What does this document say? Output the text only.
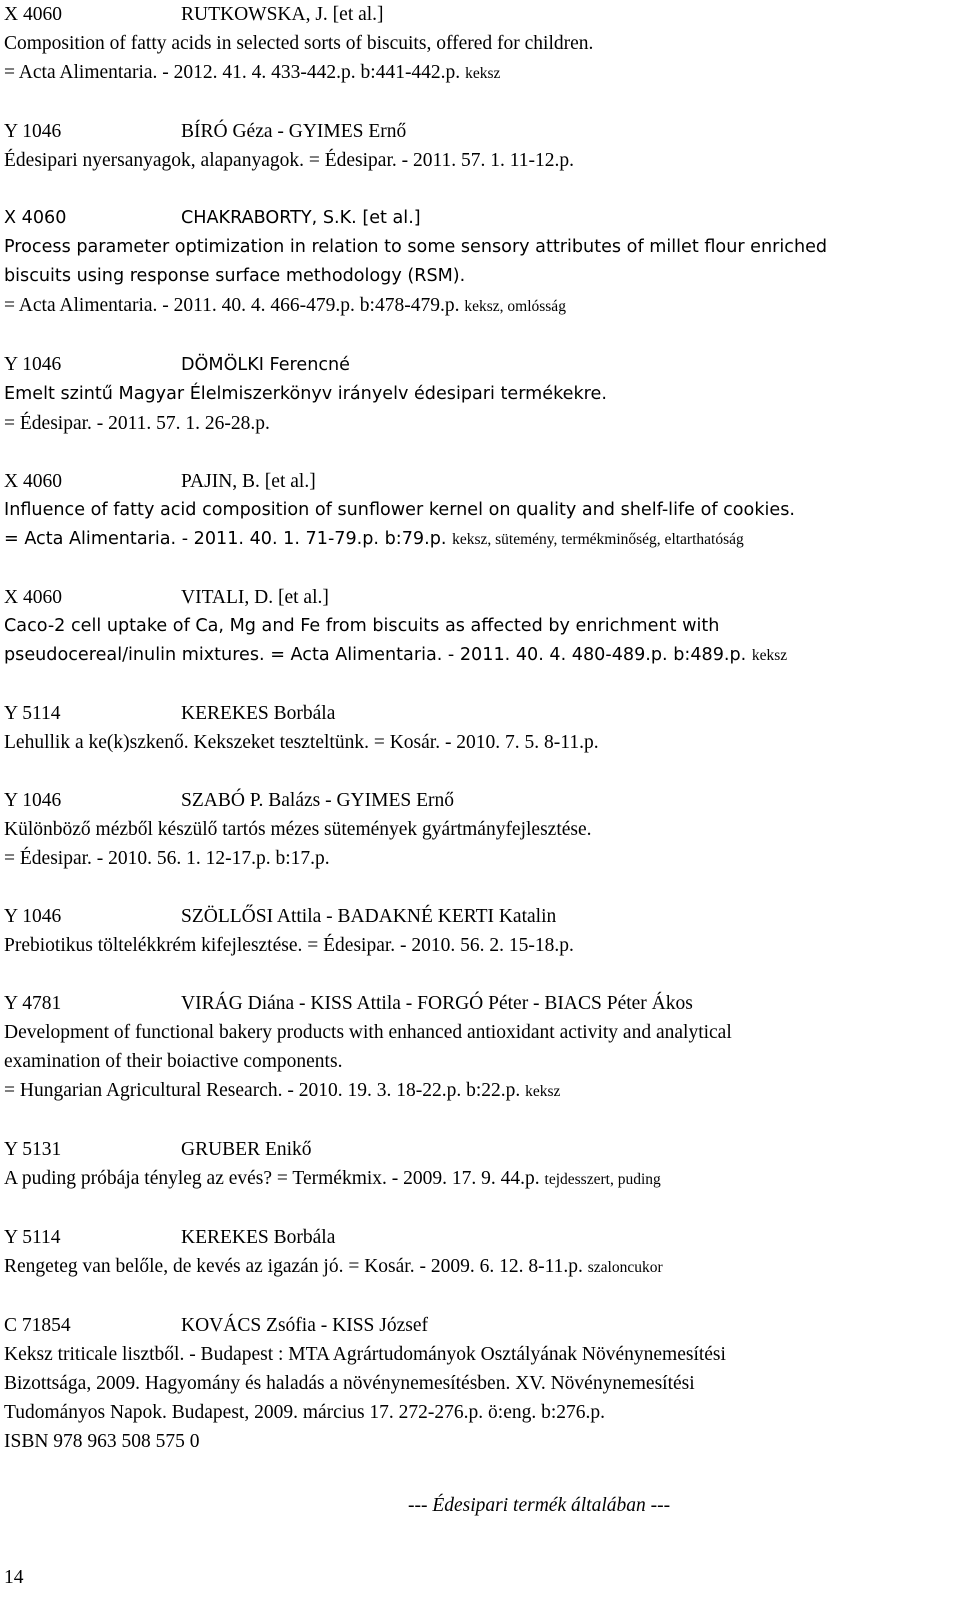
X 4060	RUTKOWSKA, J. [et al.]
Composition of fatty acids in selected sorts of biscuits, offered for children.
= Acta Alimentaria. - 2012. 41. 4. 433-442.p. b:441-442.p. keksz
Y 1046	BÍRÓ Géza - GYIMES Ernő
Édesipari nyersanyagok, alapanyagok. = Édesipar. - 2011. 57. 1. 11-12.p.
X 4060	CHAKRABORTY, S.K. [et al.]
Process parameter optimization in relation to some sensory attributes of millet flour enriched
biscuits using response surface methodology (RSM).
= Acta Alimentaria. - 2011. 40. 4. 466-479.p. b:478-479.p. keksz, omlósság
Y 1046	DÖMÖLKI Ferencné
Emelt szintű Magyar Élelmiszerkönyv irányelv édesipari termékekre.
= Édesipar. - 2011. 57. 1. 26-28.p.
X 4060	PAJIN, B. [et al.]
Influence of fatty acid composition of sunflower kernel on quality and shelf-life of cookies.
= Acta Alimentaria. - 2011. 40. 1. 71-79.p. b:79.p. keksz, sütemény, termékminőség, eltarthatóság
X 4060	VITALI, D. [et al.]
Caco-2 cell uptake of Ca, Mg and Fe from biscuits as affected by enrichment with
pseudocereal/inulin mixtures. = Acta Alimentaria. - 2011. 40. 4. 480-489.p. b:489.p. keksz
Y 5114	KEREKES Borbála
Lehullik a ke(k)szkenő. Kekszeket teszteltünk. = Kosár. - 2010. 7. 5. 8-11.p.
Y 1046	SZABÓ P. Balázs - GYIMES Ernő
Különböző mézből készülő tartós mézes sütemények gyártmányfejlesztése.
= Édesipar. - 2010. 56. 1. 12-17.p. b:17.p.
Y 1046	SZÖLLŐSI Attila - BADAKNÉ KERTI Katalin
Prebiotikus töltelékkrém kifejlesztése. = Édesipar. - 2010. 56. 2. 15-18.p.
Y 4781	VIRÁG Diána - KISS Attila - FORGÓ Péter - BIACS Péter Ákos
Development of functional bakery products with enhanced antioxidant activity and analytical
examination of their boiactive components.
= Hungarian Agricultural Research. - 2010. 19. 3. 18-22.p. b:22.p. keksz
Y 5131	GRUBER Enikő
A puding próbája tényleg az evés? = Termékmix. - 2009. 17. 9. 44.p. tejdesszert, puding
Y 5114	KEREKES Borbála
Rengeteg van belőle, de kevés az igazán jó. = Kosár. - 2009. 6. 12. 8-11.p. szaloncukor
C 71854	KOVÁCS Zsófia - KISS József
Keksz triticale lisztből. - Budapest : MTA Agrártudományok Osztályának Növénynemesítési
Bizottsága, 2009. Hagyomány és haladás a növénynemesítésben. XV. Növénynemesítési
Tudományos Napok. Budapest, 2009. március 17. 272-276.p. ö:eng. b:276.p.
ISBN 978 963 508 575 0
--- Édesipari termék általában ---
14
